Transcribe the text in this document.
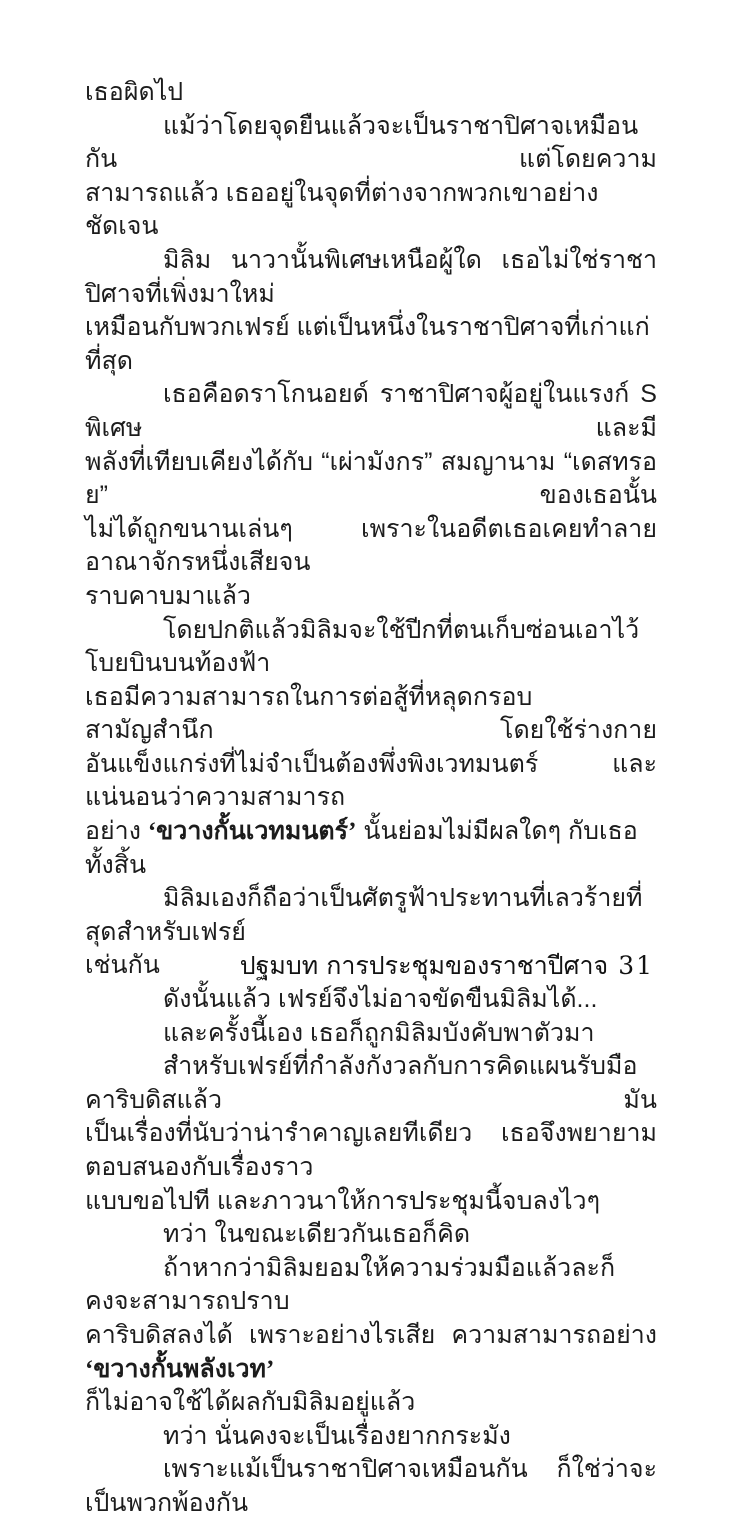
เธอผิดไป
แม้ว่าโดยจุดยืนแล้วจะเป็นราชาปิศาจเหมือนกัน แต่โดยความ
สามารถแล้ว เธออยู่ในจุดที่ต่างจากพวกเขาอย่างชัดเจน
มิลิม นาวานั้นพิเศษเหนือผู้ใด เธอไม่ใช่ราชาปิศาจที่เพิ่งมาใหม่
เหมือนกับพวกเฟรย์ แต่เป็นหนึ่งในราชาปิศาจที่เก่าแก่ที่สุด
เธอคือดราโกนอยด์ ราชาปิศาจผู้อยู่ในแรงก์ S พิเศษ และมี
พลังที่เทียบเคียงได้กับ “เผ่ามังกร” สมญานาม “เดสทรอย” ของเธอนั้น
ไม่ได้ถูกขนานเล่นๆ เพราะในอดีตเธอเคยทำลายอาณาจักรหนึ่งเสียจน
ราบคาบมาแล้ว
โดยปกติแล้วมิลิมจะใช้ปีกที่ตนเก็บซ่อนเอาไว้โบยบินบนท้องฟ้า
เธอมีความสามารถในการต่อสู้ที่หลุดกรอบสามัญสำนึก โดยใช้ร่างกาย
อันแข็งแกร่งที่ไม่จำเป็นต้องพึ่งพิงเวทมนตร์ และแน่นอนว่าความสามารถ
อย่าง ‘ขวางกั้นเวทมนตร์’ นั้นย่อมไม่มีผลใดๆ กับเธอทั้งสิ้น
มิลิมเองก็ถือว่าเป็นศัตรูฟ้าประทานที่เลวร้ายที่สุดสำหรับเฟรย์
เช่นกัน
ดังนั้นแล้ว เฟรย์จึงไม่อาจขัดขืนมิลิมได้...
และครั้งนี้เอง เธอก็ถูกมิลิมบังคับพาตัวมา
สำหรับเฟรย์ที่กำลังกังวลกับการคิดแผนรับมือคาริบดิสแล้ว มัน
เป็นเรื่องที่นับว่าน่ารำคาญเลยทีเดียว เธอจึงพยายามตอบสนองกับเรื่องราว
แบบขอไปที และภาวนาให้การประชุมนี้จบลงไวๆ
ทว่า ในขณะเดียวกันเธอก็คิด
ถ้าหากว่ามิลิมยอมให้ความร่วมมือแล้วละก็ คงจะสามารถปราบ
คาริบดิสลงได้ เพราะอย่างไรเสีย ความสามารถอย่าง ‘ขวางกั้นพลังเวท’
ก็ไม่อาจใช้ได้ผลกับมิลิมอยู่แล้ว
ทว่า นั่นคงจะเป็นเรื่องยากกระมัง
เพราะแม้เป็นราชาปิศาจเหมือนกัน ก็ใช่ว่าจะเป็นพวกพ้องกัน
ปฐมบท การประชุมของราชาปีศาจ 31
